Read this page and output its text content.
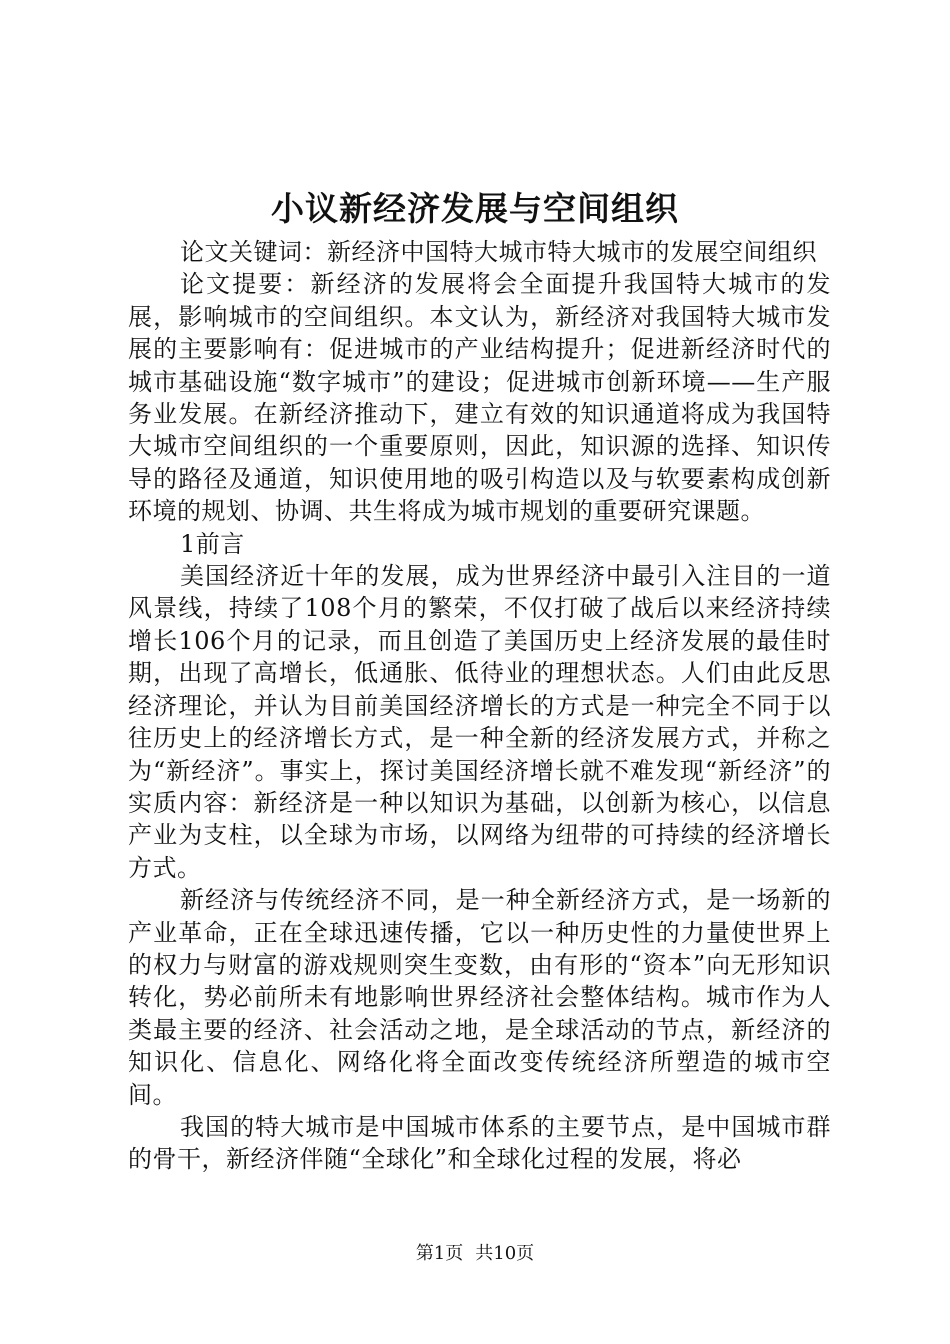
小议新经济发展与空间组织

论文关键词：新经济中国特大城市特大城市的发展空间组织

论文提要：新经济的发展将会全面提升我国特大城市的发展，影响城市的空间组织。本文认为，新经济对我国特大城市发展的主要影响有：促进城市的产业结构提升；促进新经济时代的城市基础设施“数字城市”的建设；促进城市创新环境——生产服务业发展。在新经济推动下，建立有效的知识通道将成为我国特大城市空间组织的一个重要原则，因此，知识源的选择、知识传导的路径及通道，知识使用地的吸引构造以及与软要素构成创新环境的规划、协调、共生将成为城市规划的重要研究课题。

1前言

美国经济近十年的发展，成为世界经济中最引入注目的一道风景线，持续了108个月的繁荣，不仅打破了战后以来经济持续增长106个月的记录，而且创造了美国历史上经济发展的最佳时期，出现了高增长，低通胀、低待业的理想状态。人们由此反思经济理论，并认为目前美国经济增长的方式是一种完全不同于以往历史上的经济增长方式，是一种全新的经济发展方式，并称之为“新经济”。事实上，探讨美国经济增长就不难发现“新经济”的实质内容：新经济是一种以知识为基础，以创新为核心，以信息产业为支柱，以全球为市场，以网络为纽带的可持续的经济增长方式。

新经济与传统经济不同，是一种全新经济方式，是一场新的产业革命，正在全球迅速传播，它以一种历史性的力量使世界上的权力与财富的游戏规则突生变数，由有形的“资本”向无形知识转化，势必前所未有地影响世界经济社会整体结构。城市作为人类最主要的经济、社会活动之地，是全球活动的节点，新经济的知识化、信息化、网络化将全面改变传统经济所塑造的城市空间。

我国的特大城市是中国城市体系的主要节点，是中国城市群的骨干，新经济伴随“全球化”和全球化过程的发展，将必

第1页 共10页
